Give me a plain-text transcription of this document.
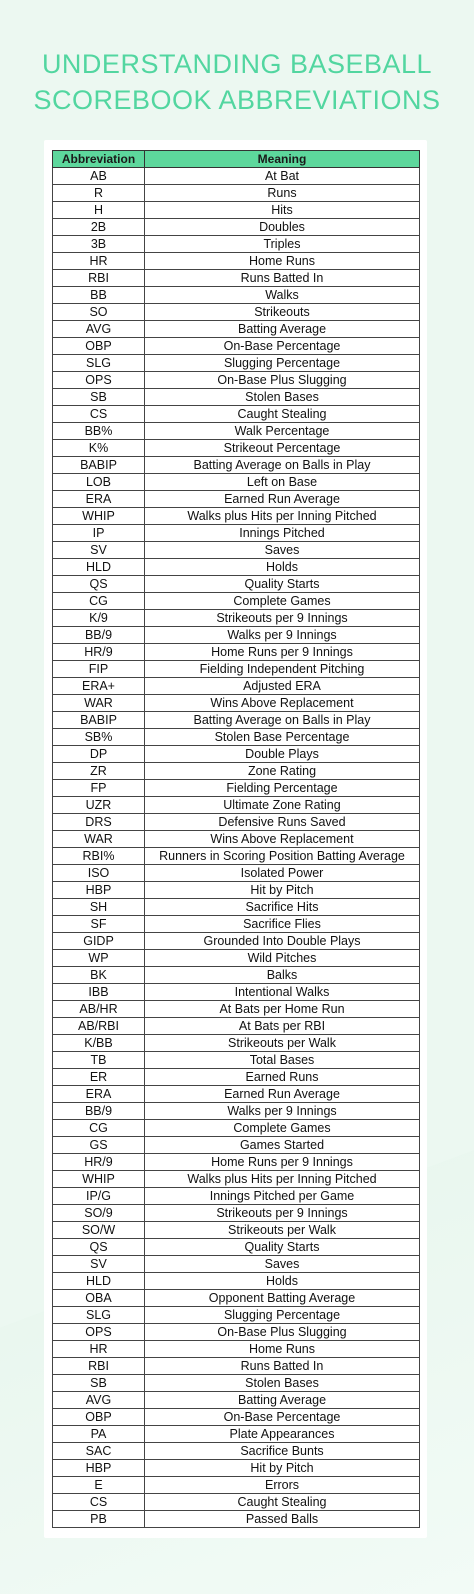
UNDERSTANDING BASEBALL
SCOREBOOK ABBREVIATIONS
Abbreviation	Meaning
AB	At Bat
R	Runs
H	Hits
2B	Doubles
3B	Triples
HR	Home Runs
RBI	Runs Batted In
BB	Walks
SO	Strikeouts
AVG	Batting Average
OBP	On-Base Percentage
SLG	Slugging Percentage
OPS	On-Base Plus Slugging
SB	Stolen Bases
CS	Caught Stealing
BB%	Walk Percentage
K%	Strikeout Percentage
BABIP	Batting Average on Balls in Play
LOB	Left on Base
ERA	Earned Run Average
WHIP	Walks plus Hits per Inning Pitched
IP	Innings Pitched
SV	Saves
HLD	Holds
QS	Quality Starts
CG	Complete Games
K/9	Strikeouts per 9 Innings
BB/9	Walks per 9 Innings
HR/9	Home Runs per 9 Innings
FIP	Fielding Independent Pitching
ERA+	Adjusted ERA
WAR	Wins Above Replacement
BABIP	Batting Average on Balls in Play
SB%	Stolen Base Percentage
DP	Double Plays
ZR	Zone Rating
FP	Fielding Percentage
UZR	Ultimate Zone Rating
DRS	Defensive Runs Saved
WAR	Wins Above Replacement
RBI%	Runners in Scoring Position Batting Average
ISO	Isolated Power
HBP	Hit by Pitch
SH	Sacrifice Hits
SF	Sacrifice Flies
GIDP	Grounded Into Double Plays
WP	Wild Pitches
BK	Balks
IBB	Intentional Walks
AB/HR	At Bats per Home Run
AB/RBI	At Bats per RBI
K/BB	Strikeouts per Walk
TB	Total Bases
ER	Earned Runs
ERA	Earned Run Average
BB/9	Walks per 9 Innings
CG	Complete Games
GS	Games Started
HR/9	Home Runs per 9 Innings
WHIP	Walks plus Hits per Inning Pitched
IP/G	Innings Pitched per Game
SO/9	Strikeouts per 9 Innings
SO/W	Strikeouts per Walk
QS	Quality Starts
SV	Saves
HLD	Holds
OBA	Opponent Batting Average
SLG	Slugging Percentage
OPS	On-Base Plus Slugging
HR	Home Runs
RBI	Runs Batted In
SB	Stolen Bases
AVG	Batting Average
OBP	On-Base Percentage
PA	Plate Appearances
SAC	Sacrifice Bunts
HBP	Hit by Pitch
E	Errors
CS	Caught Stealing
PB	Passed Balls
